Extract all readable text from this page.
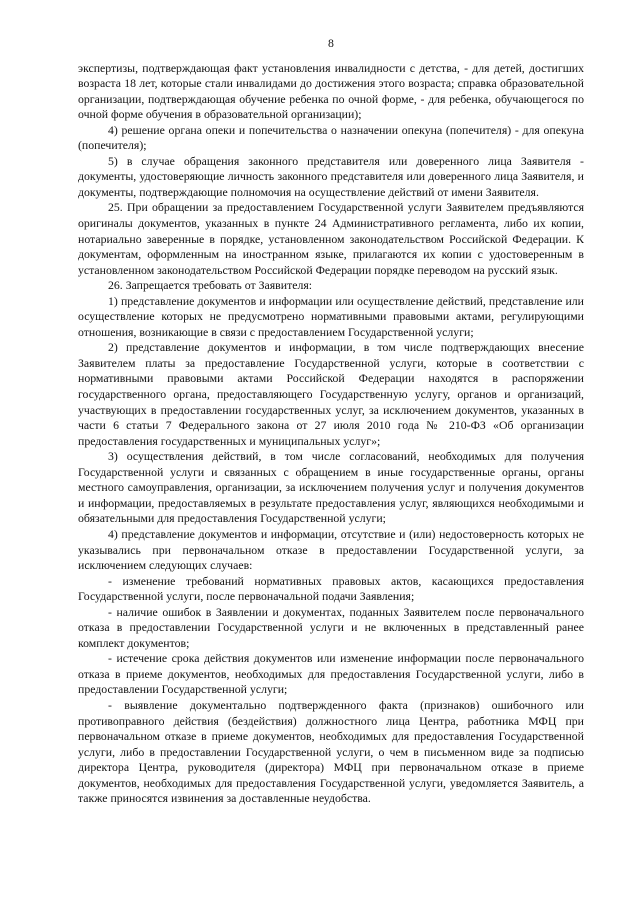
8

экспертизы, подтверждающая факт установления инвалидности с детства, - для детей, достигших возраста 18 лет, которые стали инвалидами до достижения этого возраста; справка образовательной организации, подтверждающая обучение ребенка по очной форме, - для ребенка, обучающегося по очной форме обучения в образовательной организации);

4) решение органа опеки и попечительства о назначении опекуна (попечителя) - для опекуна (попечителя);

5) в случае обращения законного представителя или доверенного лица Заявителя - документы, удостоверяющие личность законного представителя или доверенного лица Заявителя, и документы, подтверждающие полномочия на осуществление действий от имени Заявителя.

25. При обращении за предоставлением Государственной услуги Заявителем предъявляются оригиналы документов, указанных в пункте 24 Административного регламента, либо их копии, нотариально заверенные в порядке, установленном законодательством Российской Федерации. К документам, оформленным на иностранном языке, прилагаются их копии с удостоверенным в установленном законодательством Российской Федерации порядке переводом на русский язык.

26. Запрещается требовать от Заявителя:

1) представление документов и информации или осуществление действий, представление или осуществление которых не предусмотрено нормативными правовыми актами, регулирующими отношения, возникающие в связи с предоставлением Государственной услуги;

2) представление документов и информации, в том числе подтверждающих внесение Заявителем платы за предоставление Государственной услуги, которые в соответствии с нормативными правовыми актами Российской Федерации находятся в распоряжении государственного органа, предоставляющего Государственную услугу, органов и организаций, участвующих в предоставлении государственных услуг, за исключением документов, указанных в части 6 статьи 7 Федерального закона от 27 июля 2010 года № 210-ФЗ «Об организации предоставления государственных и муниципальных услуг»;

3) осуществления действий, в том числе согласований, необходимых для получения Государственной услуги и связанных с обращением в иные государственные органы, органы местного самоуправления, организации, за исключением получения услуг и получения документов и информации, предоставляемых в результате предоставления услуг, являющихся необходимыми и обязательными для предоставления Государственной услуги;

4) представление документов и информации, отсутствие и (или) недостоверность которых не указывались при первоначальном отказе в предоставлении Государственной услуги, за исключением следующих случаев:

- изменение требований нормативных правовых актов, касающихся предоставления Государственной услуги, после первоначальной подачи Заявления;

- наличие ошибок в Заявлении и документах, поданных Заявителем после первоначального отказа в предоставлении Государственной услуги и не включенных в представленный ранее комплект документов;

- истечение срока действия документов или изменение информации после первоначального отказа в приеме документов, необходимых для предоставления Государственной услуги, либо в предоставлении Государственной услуги;

- выявление документально подтвержденного факта (признаков) ошибочного или противоправного действия (бездействия) должностного лица Центра, работника МФЦ при первоначальном отказе в приеме документов, необходимых для предоставления Государственной услуги, либо в предоставлении Государственной услуги, о чем в письменном виде за подписью директора Центра, руководителя (директора) МФЦ при первоначальном отказе в приеме документов, необходимых для предоставления Государственной услуги, уведомляется Заявитель, а также приносятся извинения за доставленные неудобства.
